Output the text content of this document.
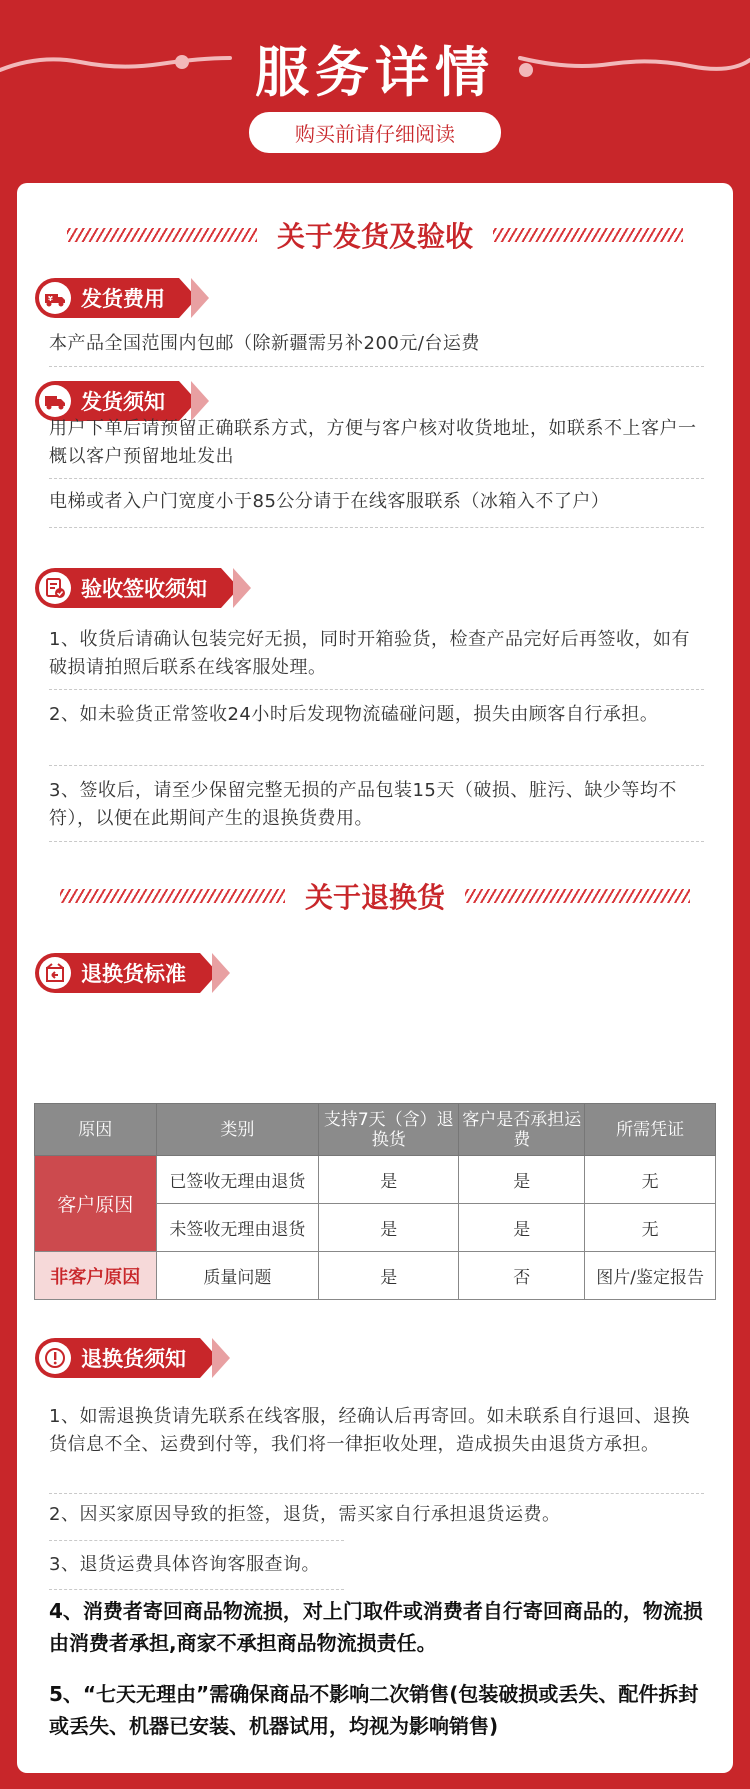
服务详情
购买前请仔细阅读
关于发货及验收
¥ 发货费用
本产品全国范围内包邮（除新疆需另补200元/台运费
发货须知
用户下单后请预留正确联系方式，方便与客户核对收货地址，如联系不上客户一概以客户预留地址发出
电梯或者入户门宽度小于85公分请于在线客服联系（冰箱入不了户）
验收签收须知
1、收货后请确认包装完好无损，同时开箱验货，检查产品完好后再签收，如有破损请拍照后联系在线客服处理。
2、如未验货正常签收24小时后发现物流磕碰问题，损失由顾客自行承担。
3、签收后，请至少保留完整无损的产品包装15天（破损、脏污、缺少等均不符），以便在此期间产生的退换货费用。
关于退换货
退换货标准
原因	类别	支持7天（含）退换货	客户是否承担运费	所需凭证
客户原因	已签收无理由退货	是	是	无
	未签收无理由退货	是	是	无
非客户原因	质量问题	是	否	图片/鉴定报告
退换货须知
1、如需退换货请先联系在线客服，经确认后再寄回。如未联系自行退回、退换货信息不全、运费到付等，我们将一律拒收处理，造成损失由退货方承担。
2、因买家原因导致的拒签，退货，需买家自行承担退货运费。
3、退货运费具体咨询客服查询。
4、消费者寄回商品物流损，对上门取件或消费者自行寄回商品的，物流损由消费者承担,商家不承担商品物流损责任。
5、“七天无理由”需确保商品不影响二次销售(包装破损或丢失、配件拆封或丢失、机器已安装、机器试用，均视为影响销售)
